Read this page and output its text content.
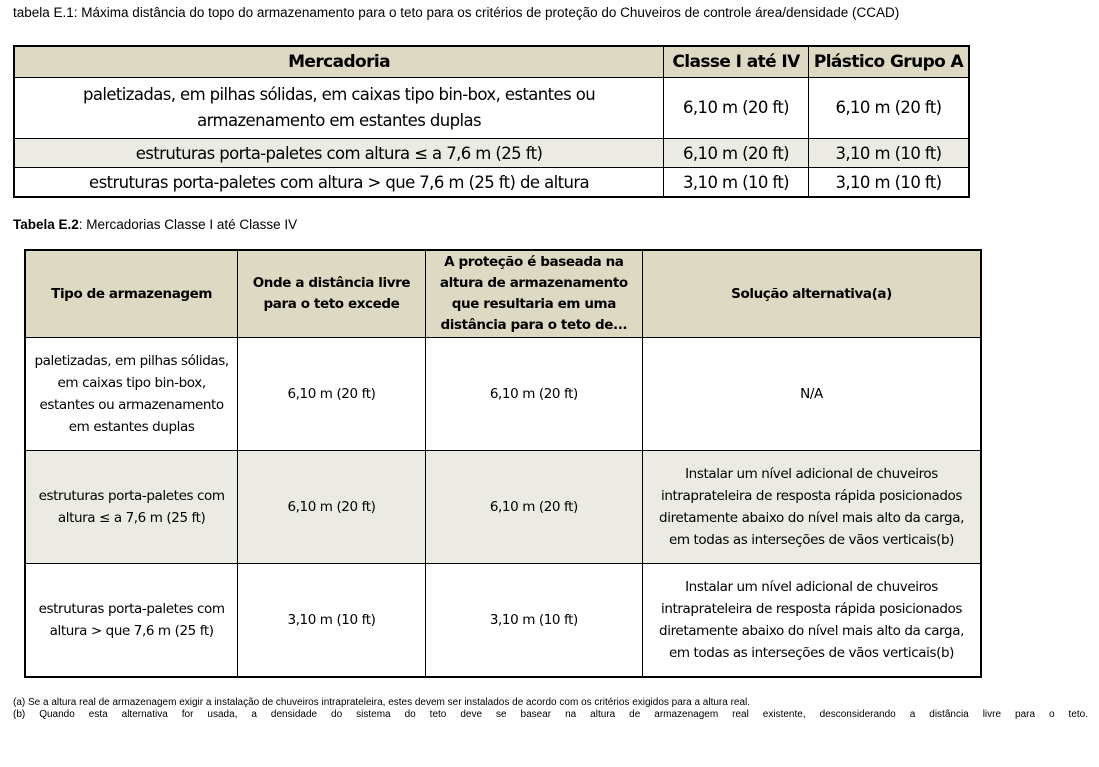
tabela E.1: Máxima distância do topo do armazenamento para o teto para os critérios de proteção do Chuveiros de controle área/densidade (CCAD)
Mercadoria	Classe I até IV	Plástico Grupo A
paletizadas, em pilhas sólidas, em caixas tipo bin-box, estantes ou
armazenamento em estantes duplas	6,10 m (20 ft)	6,10 m (20 ft)
estruturas porta-paletes com altura ≤ a 7,6 m (25 ft)	6,10 m (20 ft)	3,10 m (10 ft)
estruturas porta-paletes com altura > que 7,6 m (25 ft) de altura	3,10 m (10 ft)	3,10 m (10 ft)
Tabela E.2: Mercadorias Classe I até Classe IV
Tipo de armazenagem	Onde a distância livre para o teto excede	A proteção é baseada na altura de armazenamento que resultaria em uma distância para o teto de...	Solução alternativa(a)
paletizadas, em pilhas sólidas, em caixas tipo bin-box, estantes ou armazenamento em estantes duplas	6,10 m (20 ft)	6,10 m (20 ft)	N/A
estruturas porta-paletes com altura ≤ a 7,6 m (25 ft)	6,10 m (20 ft)	6,10 m (20 ft)	Instalar um nível adicional de chuveiros intraprateleira de resposta rápida posicionados diretamente abaixo do nível mais alto da carga, em todas as interseções de vãos verticais(b)
estruturas porta-paletes com altura > que 7,6 m (25 ft)	3,10 m (10 ft)	3,10 m (10 ft)	Instalar um nível adicional de chuveiros intraprateleira de resposta rápida posicionados diretamente abaixo do nível mais alto da carga, em todas as interseções de vãos verticais(b)
(a) Se a altura real de armazenagem exigir a instalação de chuveiros intraprateleira, estes devem ser instalados de acordo com os critérios exigidos para a altura real.
(b) Quando esta alternativa for usada, a densidade do sistema do teto deve se basear na altura de armazenagem real existente, desconsiderando a distância livre para o teto.
